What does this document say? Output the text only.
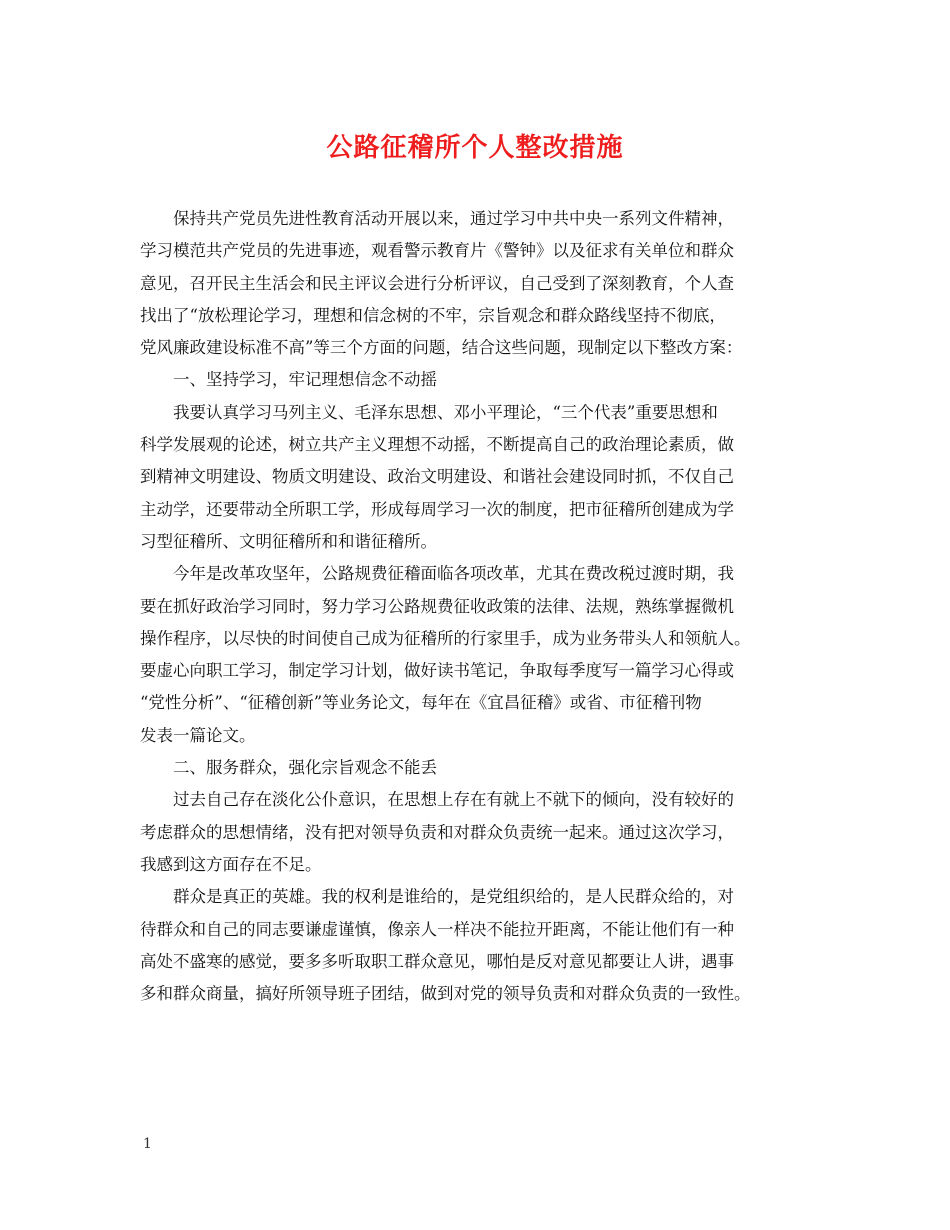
公路征稽所个人整改措施
保持共产党员先进性教育活动开展以来，通过学习中共中央一系列文件精神，
学习模范共产党员的先进事迹，观看警示教育片《警钟》以及征求有关单位和群众
意见，召开民主生活会和民主评议会进行分析评议，自己受到了深刻教育，个人查
找出了“放松理论学习，理想和信念树的不牢，宗旨观念和群众路线坚持不彻底，
党风廉政建设标准不高”等三个方面的问题，结合这些问题，现制定以下整改方案：
一、坚持学习，牢记理想信念不动摇
我要认真学习马列主义、毛泽东思想、邓小平理论，“三个代表”重要思想和
科学发展观的论述，树立共产主义理想不动摇，不断提高自己的政治理论素质，做
到精神文明建设、物质文明建设、政治文明建设、和谐社会建设同时抓，不仅自己
主动学，还要带动全所职工学，形成每周学习一次的制度，把市征稽所创建成为学
习型征稽所、文明征稽所和和谐征稽所。
今年是改革攻坚年，公路规费征稽面临各项改革，尤其在费改税过渡时期，我
要在抓好政治学习同时，努力学习公路规费征收政策的法律、法规，熟练掌握微机
操作程序，以尽快的时间使自己成为征稽所的行家里手，成为业务带头人和领航人。
要虚心向职工学习，制定学习计划，做好读书笔记，争取每季度写一篇学习心得或
“党性分析”、“征稽创新”等业务论文，每年在《宜昌征稽》或省、市征稽刊物
发表一篇论文。
二、服务群众，强化宗旨观念不能丢
过去自己存在淡化公仆意识，在思想上存在有就上不就下的倾向，没有较好的
考虑群众的思想情绪，没有把对领导负责和对群众负责统一起来。通过这次学习，
我感到这方面存在不足。
群众是真正的英雄。我的权利是谁给的，是党组织给的，是人民群众给的，对
待群众和自己的同志要谦虚谨慎，像亲人一样决不能拉开距离，不能让他们有一种
高处不盛寒的感觉，要多多听取职工群众意见，哪怕是反对意见都要让人讲，遇事
多和群众商量，搞好所领导班子团结，做到对党的领导负责和对群众负责的一致性。
1
